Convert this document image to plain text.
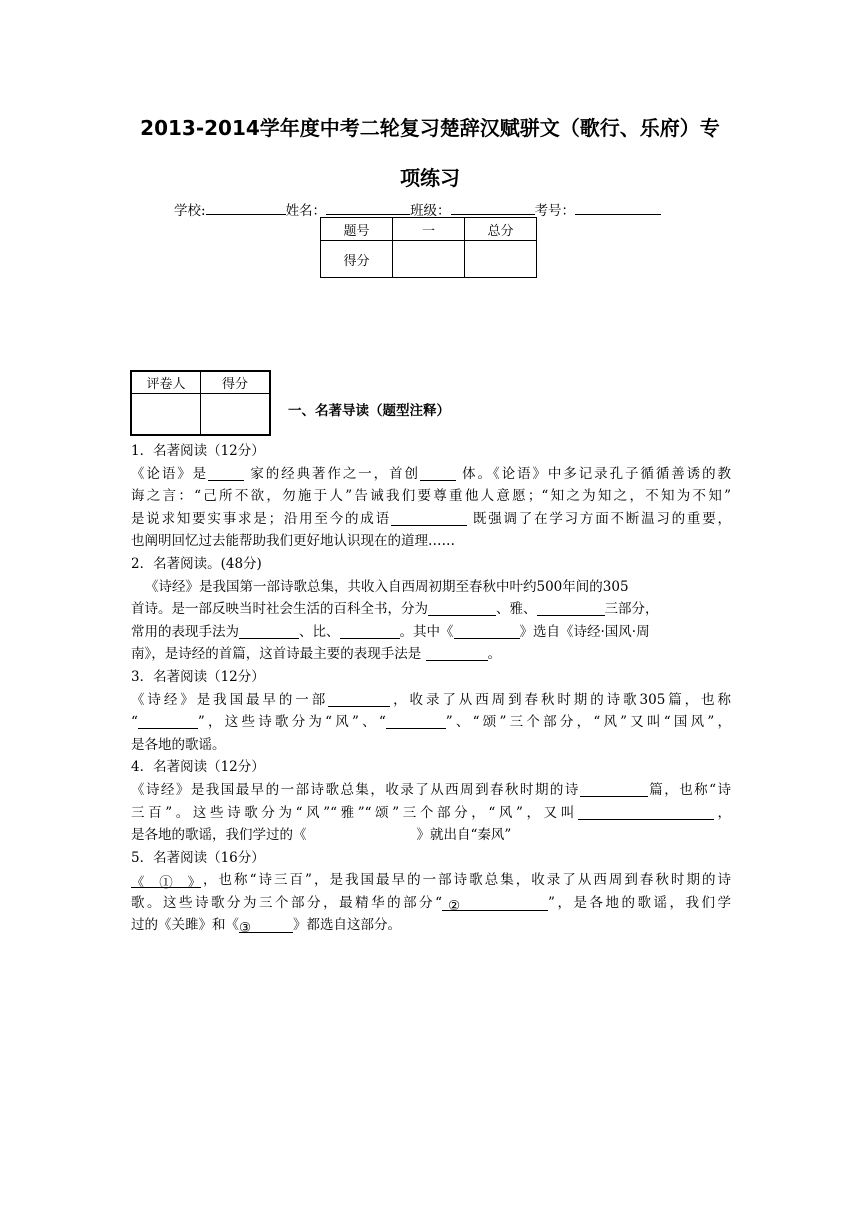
2013-2014学年度中考二轮复习楚辞汉赋骈文（歌行、乐府）专
项练习
学校:	姓名：	班级：	考号：
题号	一	总分
得分		
评卷人	得分

一、名著导读（题型注释）
1．名著阅读（12分）
《论语》是	家的经典著作之一，首创	体。《论语》中多记录孔子循循善诱的教
诲之言：“己所不欲，勿施于人”告诫我们要尊重他人意愿；“知之为知之，不知为不知”
是说求知要实事求是；沿用至今的成语	既强调了在学习方面不断温习的重要，
也阐明回忆过去能帮助我们更好地认识现在的道理……
2．名著阅读。(48分)
《诗经》是我国第一部诗歌总集，共收入自西周初期至春秋中叶约500年间的305
首诗。是一部反映当时社会生活的百科全书，分为	、雅、	三部分，
常用的表现手法为	、比、	。其中《	》选自《诗经·国风·周
南》，是诗经的首篇，这首诗最主要的表现手法是	。
3．名著阅读（12分）
《诗经》是我国最早的一部	，收录了从西周到春秋时期的诗歌305篇，也称
“	”，这些诗歌分为“风”、“	”、“颂”三个部分，“风”又叫“国风”，
是各地的歌谣。
4．名著阅读（12分）
《诗经》是我国最早的一部诗歌总集，收录了从西周到春秋时期的诗	篇，也称“诗
三百”。这些诗歌分为“风”“雅”“颂”三个部分，“风”，又叫	，
是各地的歌谣，我们学过的《	》就出自“秦风”
5．名著阅读（16分）
《 ① 》，也称“诗三百”，是我国最早的一部诗歌总集，收录了从西周到春秋时期的诗
歌。这些诗歌分为三个部分，最精华的部分“ ②	”，是各地的歌谣，我们学
过的《关雎》和《③	》都选自这部分。
